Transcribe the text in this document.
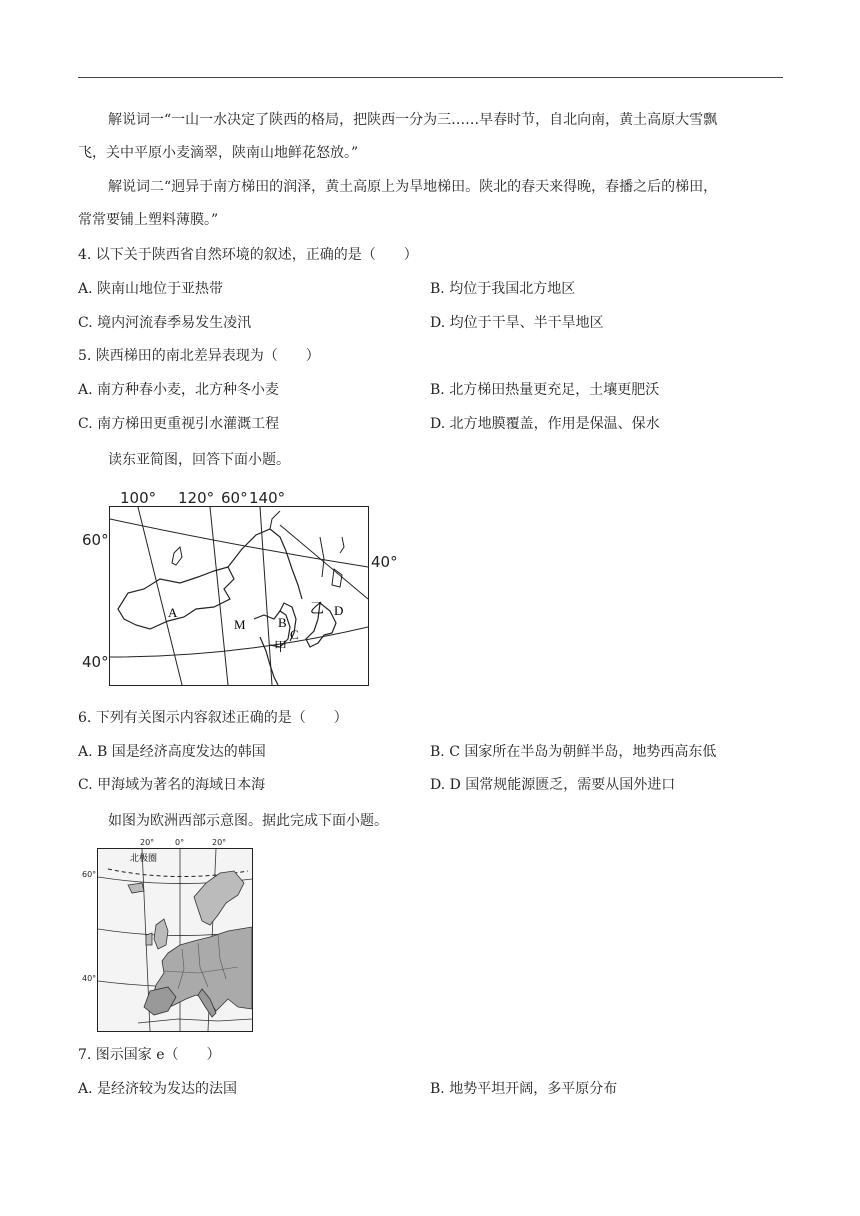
解说词一“一山一水决定了陕西的格局，把陕西一分为三……早春时节，自北向南，黄土高原大雪飘
飞，关中平原小麦滴翠，陕南山地鲜花怒放。”
解说词二“迥异于南方梯田的润泽，黄土高原上为旱地梯田。陕北的春天来得晚，春播之后的梯田，
常常要铺上塑料薄膜。”
4. 以下关于陕西省自然环境的叙述，正确的是（　　）
A. 陕南山地位于亚热带	B. 均位于我国北方地区
C. 境内河流春季易发生凌汛	D. 均位于干旱、半干旱地区
5. 陕西梯田的南北差异表现为（　　）
A. 南方种春小麦，北方种冬小麦	B. 北方梯田热量更充足，土壤更肥沃
C. 南方梯田更重视引水灌溉工程	D. 北方地膜覆盖，作用是保温、保水
读东亚简图，回答下面小题。
A
M B
C
D
乙
甲
100° 120° 60° 140°
60°
40°
40°
6. 下列有关图示内容叙述正确的是（　　）
A. B 国是经济高度发达的韩国	B. C 国家所在半岛为朝鲜半岛，地势西高东低
C. 甲海域为著名的海域日本海	D. D 国常规能源匮乏，需要从国外进口
如图为欧洲西部示意图。据此完成下面小题。
北极圈
20°	0°	20°
60°
40°
7. 图示国家 e（　　）
A. 是经济较为发达的法国	B. 地势平坦开阔，多平原分布
